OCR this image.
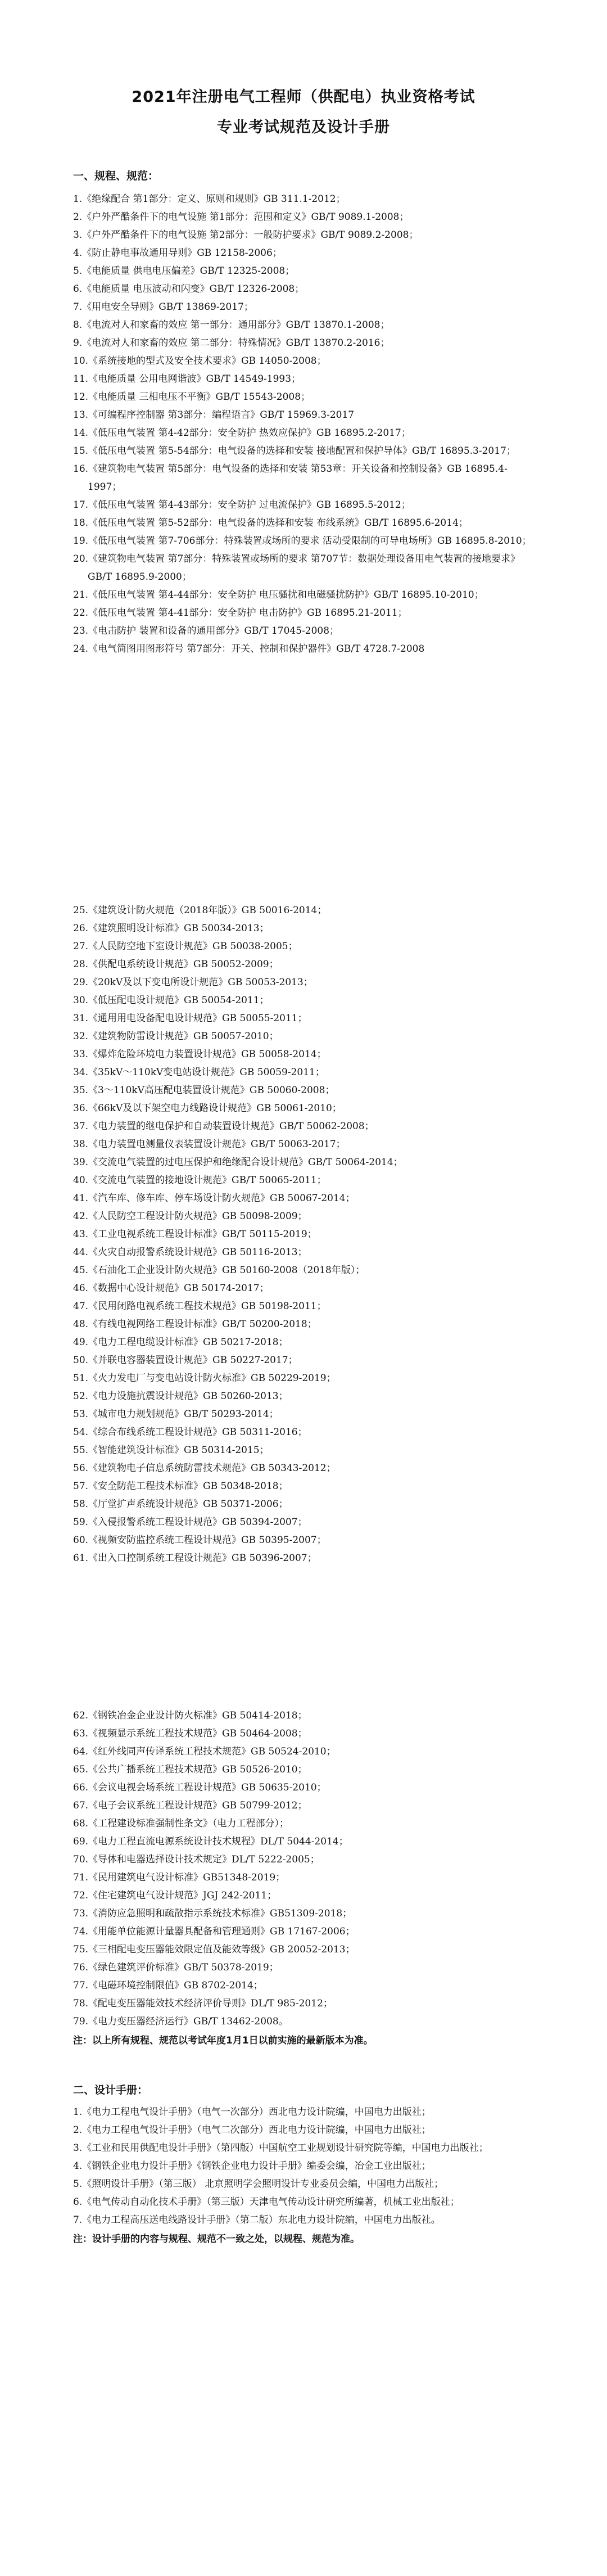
2021年注册电气工程师（供配电）执业资格考试
专业考试规范及设计手册
一、规程、规范：
1.《绝缘配合 第1部分：定义、原则和规则》GB 311.1-2012；
2.《户外严酷条件下的电气设施 第1部分：范围和定义》GB/T 9089.1-2008；
3.《户外严酷条件下的电气设施 第2部分：一般防护要求》GB/T 9089.2-2008；
4.《防止静电事故通用导则》GB 12158-2006；
5.《电能质量 供电电压偏差》GB/T 12325-2008；
6.《电能质量 电压波动和闪变》GB/T 12326-2008；
7.《用电安全导则》GB/T 13869-2017；
8.《电流对人和家畜的效应 第一部分：通用部分》GB/T 13870.1-2008；
9.《电流对人和家畜的效应 第二部分：特殊情况》GB/T 13870.2-2016；
10.《系统接地的型式及安全技术要求》GB 14050-2008；
11.《电能质量 公用电网谐波》GB/T 14549-1993；
12.《电能质量 三相电压不平衡》GB/T 15543-2008；
13.《可编程序控制器 第3部分：编程语言》GB/T 15969.3-2017
14.《低压电气装置 第4-42部分：安全防护 热效应保护》GB 16895.2-2017；
15.《低压电气装置 第5-54部分：电气设备的选择和安装 接地配置和保护导体》GB/T 16895.3-2017；
16.《建筑物电气装置 第5部分：电气设备的选择和安装 第53章：开关设备和控制设备》GB 16895.4-1997；
17.《低压电气装置 第4-43部分：安全防护 过电流保护》GB 16895.5-2012；
18.《低压电气装置 第5-52部分：电气设备的选择和安装 布线系统》GB/T 16895.6-2014；
19.《低压电气装置 第7-706部分：特殊装置或场所的要求 活动受限制的可导电场所》GB 16895.8-2010；
20.《建筑物电气装置 第7部分：特殊装置或场所的要求 第707节：数据处理设备用电气装置的接地要求》GB/T 16895.9-2000；
21.《低压电气装置 第4-44部分：安全防护 电压骚扰和电磁骚扰防护》GB/T 16895.10-2010；
22.《低压电气装置 第4-41部分：安全防护 电击防护》GB 16895.21-2011；
23.《电击防护 装置和设备的通用部分》GB/T 17045-2008；
24.《电气简图用图形符号 第7部分：开关、控制和保护器件》GB/T 4728.7-2008
25.《建筑设计防火规范（2018年版）》GB 50016-2014；
26.《建筑照明设计标准》GB 50034-2013；
27.《人民防空地下室设计规范》GB 50038-2005；
28.《供配电系统设计规范》GB 50052-2009；
29.《20kV及以下变电所设计规范》GB 50053-2013；
30.《低压配电设计规范》GB 50054-2011；
31.《通用用电设备配电设计规范》GB 50055-2011；
32.《建筑物防雷设计规范》GB 50057-2010；
33.《爆炸危险环境电力装置设计规范》GB 50058-2014；
34.《35kV～110kV变电站设计规范》GB 50059-2011；
35.《3～110kV高压配电装置设计规范》GB 50060-2008；
36.《66kV及以下架空电力线路设计规范》GB 50061-2010；
37.《电力装置的继电保护和自动装置设计规范》GB/T 50062-2008；
38.《电力装置电测量仪表装置设计规范》GB/T 50063-2017；
39.《交流电气装置的过电压保护和绝缘配合设计规范》GB/T 50064-2014；
40.《交流电气装置的接地设计规范》GB/T 50065-2011；
41.《汽车库、修车库、停车场设计防火规范》GB 50067-2014；
42.《人民防空工程设计防火规范》GB 50098-2009；
43.《工业电视系统工程设计标准》GB/T 50115-2019；
44.《火灾自动报警系统设计规范》GB 50116-2013；
45.《石油化工企业设计防火规范》GB 50160-2008（2018年版）；
46.《数据中心设计规范》GB 50174-2017；
47.《民用闭路电视系统工程技术规范》GB 50198-2011；
48.《有线电视网络工程设计标准》GB/T 50200-2018；
49.《电力工程电缆设计标准》GB 50217-2018；
50.《并联电容器装置设计规范》GB 50227-2017；
51.《火力发电厂与变电站设计防火标准》GB 50229-2019；
52.《电力设施抗震设计规范》GB 50260-2013；
53.《城市电力规划规范》GB/T 50293-2014；
54.《综合布线系统工程设计规范》GB 50311-2016；
55.《智能建筑设计标准》GB 50314-2015；
56.《建筑物电子信息系统防雷技术规范》GB 50343-2012；
57.《安全防范工程技术标准》GB 50348-2018；
58.《厅堂扩声系统设计规范》GB 50371-2006；
59.《入侵报警系统工程设计规范》GB 50394-2007；
60.《视频安防监控系统工程设计规范》GB 50395-2007；
61.《出入口控制系统工程设计规范》GB 50396-2007；
62.《钢铁冶金企业设计防火标准》GB 50414-2018；
63.《视频显示系统工程技术规范》GB 50464-2008；
64.《红外线同声传译系统工程技术规范》GB 50524-2010；
65.《公共广播系统工程技术规范》GB 50526-2010；
66.《会议电视会场系统工程设计规范》GB 50635-2010；
67.《电子会议系统工程设计规范》GB 50799-2012；
68.《工程建设标准强制性条文》（电力工程部分）；
69.《电力工程直流电源系统设计技术规程》DL/T 5044-2014；
70.《导体和电器选择设计技术规定》DL/T 5222-2005；
71.《民用建筑电气设计标准》GB51348-2019；
72.《住宅建筑电气设计规范》JGJ 242-2011；
73.《消防应急照明和疏散指示系统技术标准》GB51309-2018；
74.《用能单位能源计量器具配备和管理通则》GB 17167-2006；
75.《三相配电变压器能效限定值及能效等级》GB 20052-2013；
76.《绿色建筑评价标准》GB/T 50378-2019；
77.《电磁环境控制限值》GB 8702-2014；
78.《配电变压器能效技术经济评价导则》DL/T 985-2012；
79.《电力变压器经济运行》GB/T 13462-2008。
注：以上所有规程、规范以考试年度1月1日以前实施的最新版本为准。
二、设计手册：
1.《电力工程电气设计手册》（电气一次部分）西北电力设计院编，中国电力出版社；
2.《电力工程电气设计手册》（电气二次部分）西北电力设计院编，中国电力出版社；
3.《工业和民用供配电设计手册》（第四版）中国航空工业规划设计研究院等编，中国电力出版社；
4.《钢铁企业电力设计手册》《钢铁企业电力设计手册》编委会编，冶金工业出版社；
5.《照明设计手册》（第三版） 北京照明学会照明设计专业委员会编，中国电力出版社；
6.《电气传动自动化技术手册》（第三版）天津电气传动设计研究所编著，机械工业出版社；
7.《电力工程高压送电线路设计手册》（第二版）东北电力设计院编，中国电力出版社。
注：设计手册的内容与规程、规范不一致之处，以规程、规范为准。
